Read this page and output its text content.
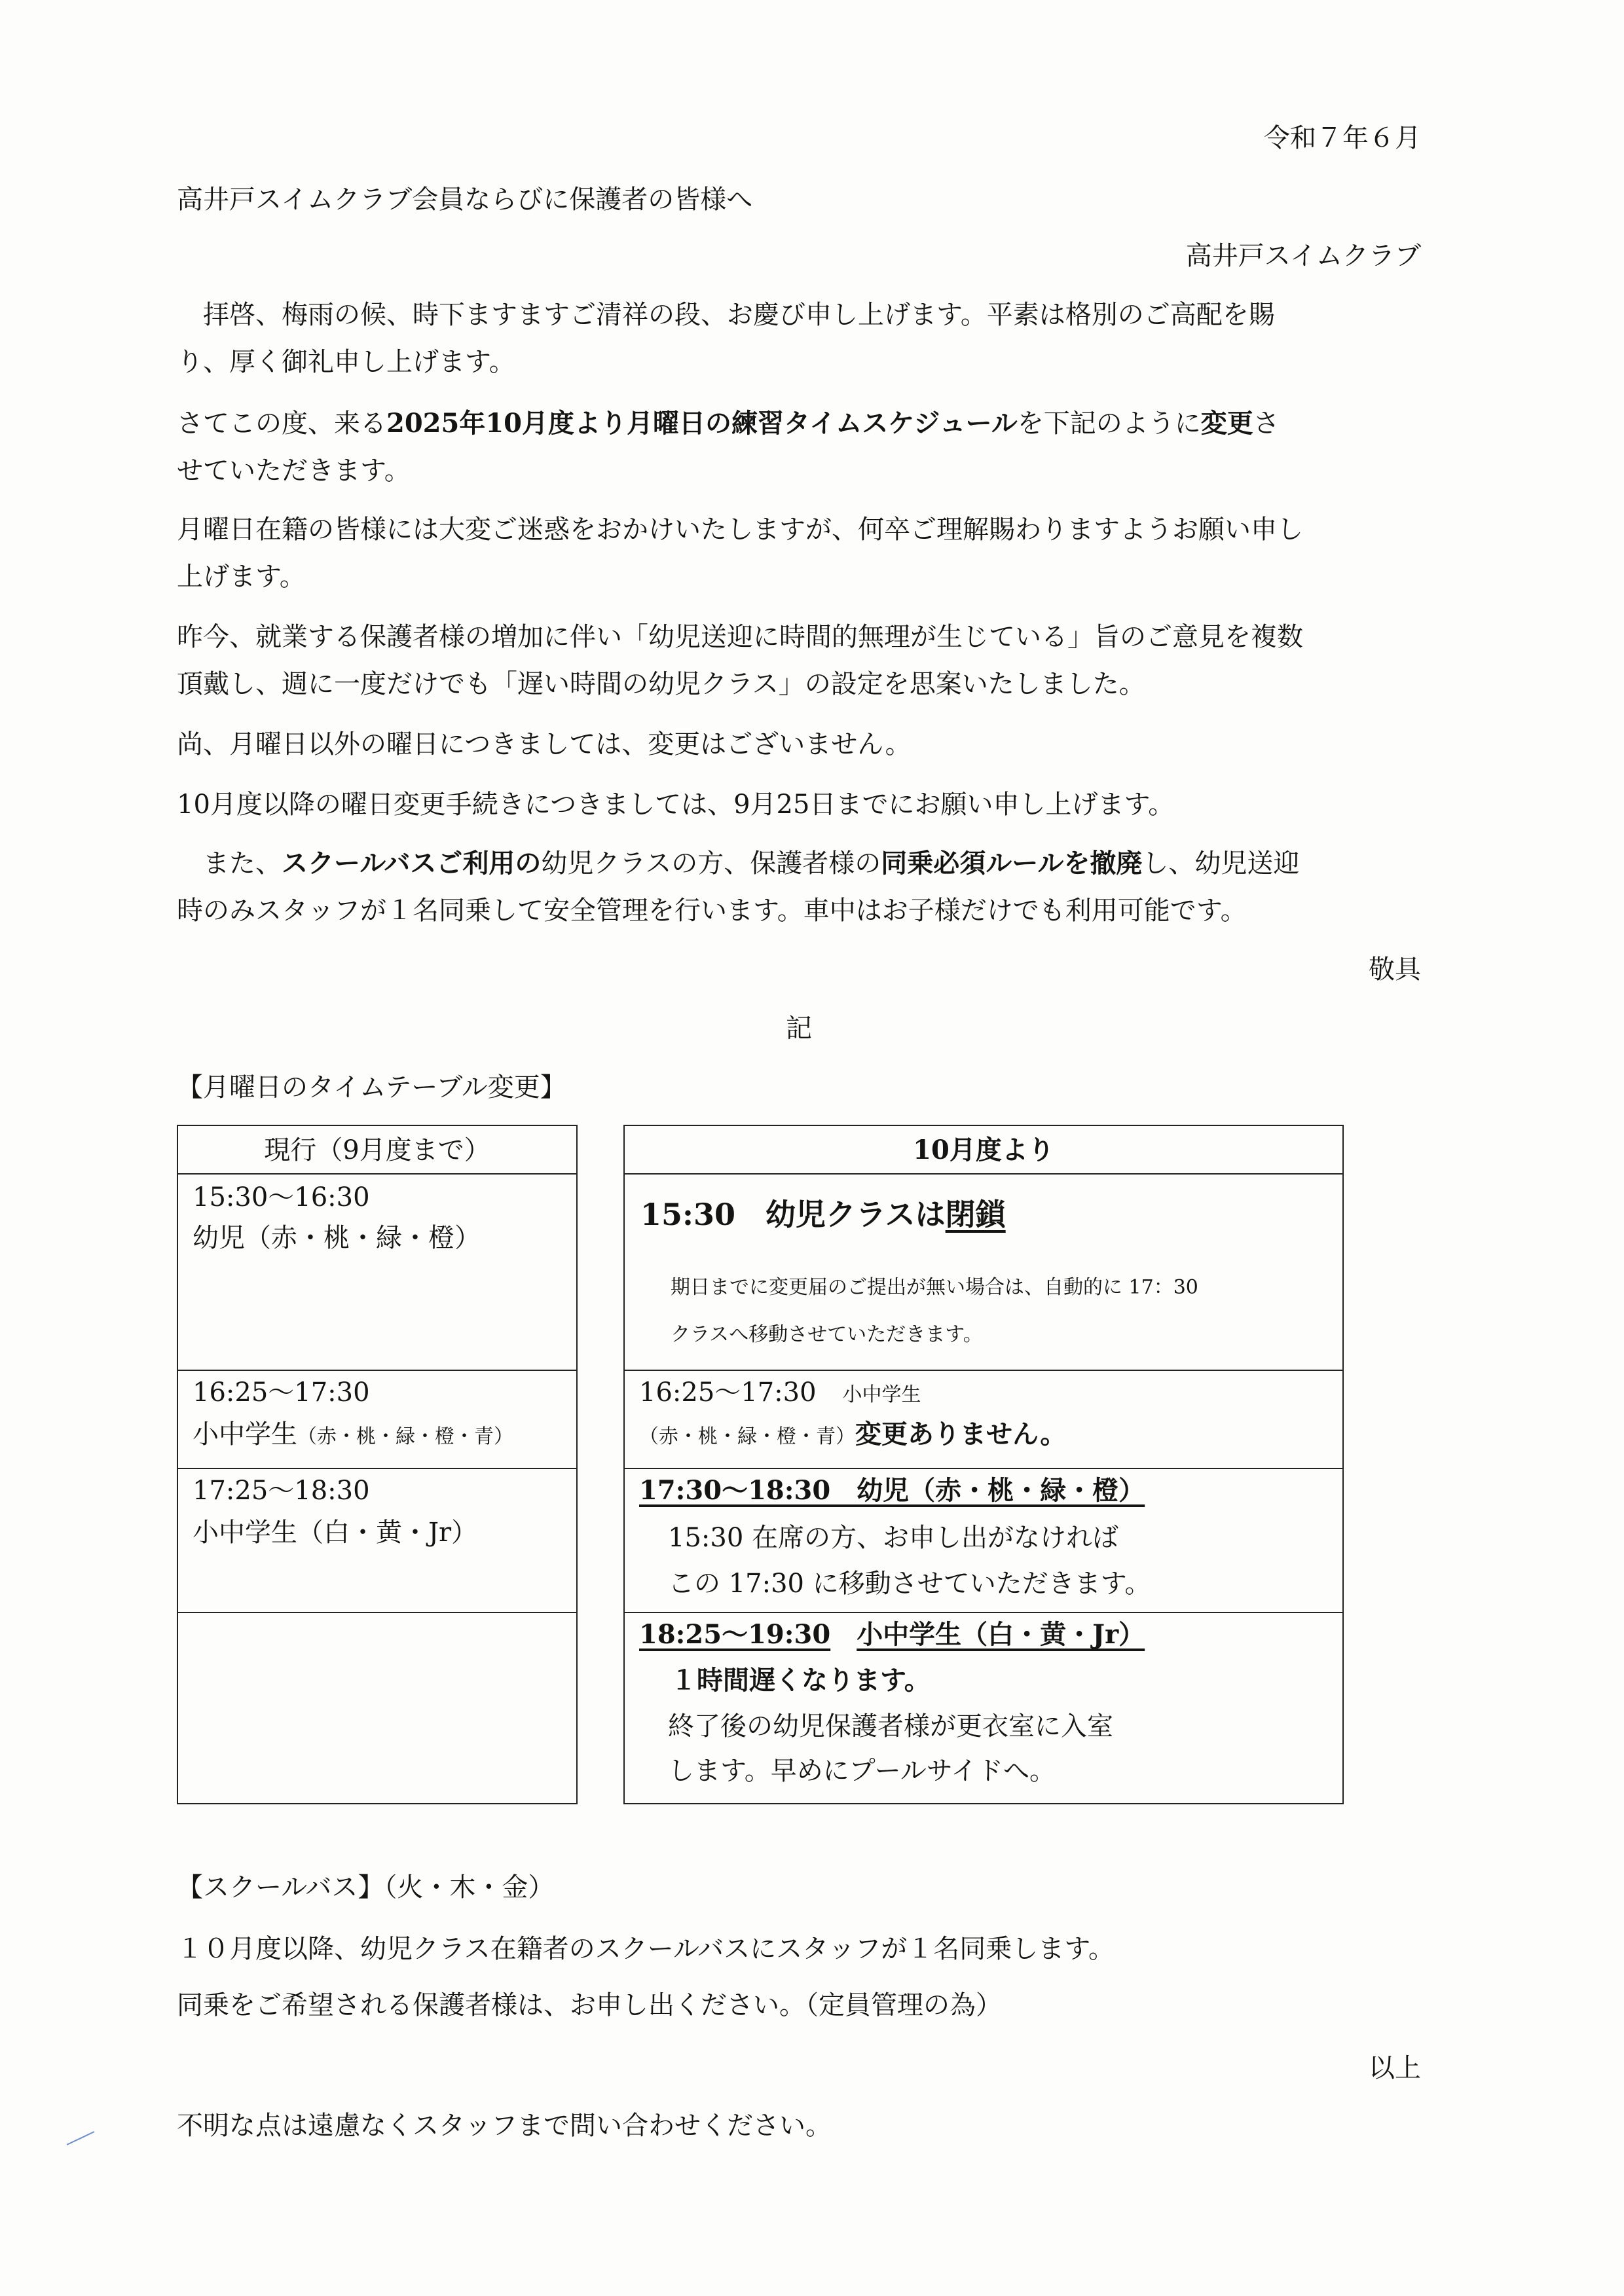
令和７年６月
高井戸スイムクラブ会員ならびに保護者の皆様へ
高井戸スイムクラブ
　拝啓、梅雨の候、時下ますますご清祥の段、お慶び申し上げます。平素は格別のご高配を賜
り、厚く御礼申し上げます。
さてこの度、来る2025年10月度より月曜日の練習タイムスケジュールを下記のように変更さ
せていただきます。
月曜日在籍の皆様には大変ご迷惑をおかけいたしますが、何卒ご理解賜わりますようお願い申し
上げます。
昨今、就業する保護者様の増加に伴い「幼児送迎に時間的無理が生じている」旨のご意見を複数
頂戴し、週に一度だけでも「遅い時間の幼児クラス」の設定を思案いたしました。
尚、月曜日以外の曜日につきましては、変更はございません。
10月度以降の曜日変更手続きにつきましては、9月25日までにお願い申し上げます。
　また、スクールバスご利用の幼児クラスの方、保護者様の同乗必須ルールを撤廃し、幼児送迎
時のみスタッフが１名同乗して安全管理を行います。車中はお子様だけでも利用可能です。
敬具
記
【月曜日のタイムテーブル変更】
現行（9月度まで）
15:30〜16:30
幼児（赤・桃・緑・橙）
16:25〜17:30
小中学生（赤・桃・緑・橙・青）
17:25〜18:30
小中学生（白・黄・Jr）
10月度より
15:30　 幼児クラスは閉鎖
期日までに変更届のご提出が無い場合は、自動的に 17：30
クラスへ移動させていただきます。
16:25〜17:30　 小中学生
（赤・桃・緑・橙・青）変更ありません。
17:30〜18:30　幼児（赤・桃・緑・橙）
15:30 在席の方、お申し出がなければ
この 17:30 に移動させていただきます。
18:25〜19:30　 小中学生（白・黄・Jr）
１時間遅くなります。
終了後の幼児保護者様が更衣室に入室
します。早めにプールサイドへ。
【スクールバス】（火・木・金）
１０月度以降、幼児クラス在籍者のスクールバスにスタッフが１名同乗します。
同乗をご希望される保護者様は、お申し出ください。（定員管理の為）
以上
不明な点は遠慮なくスタッフまで問い合わせください。
